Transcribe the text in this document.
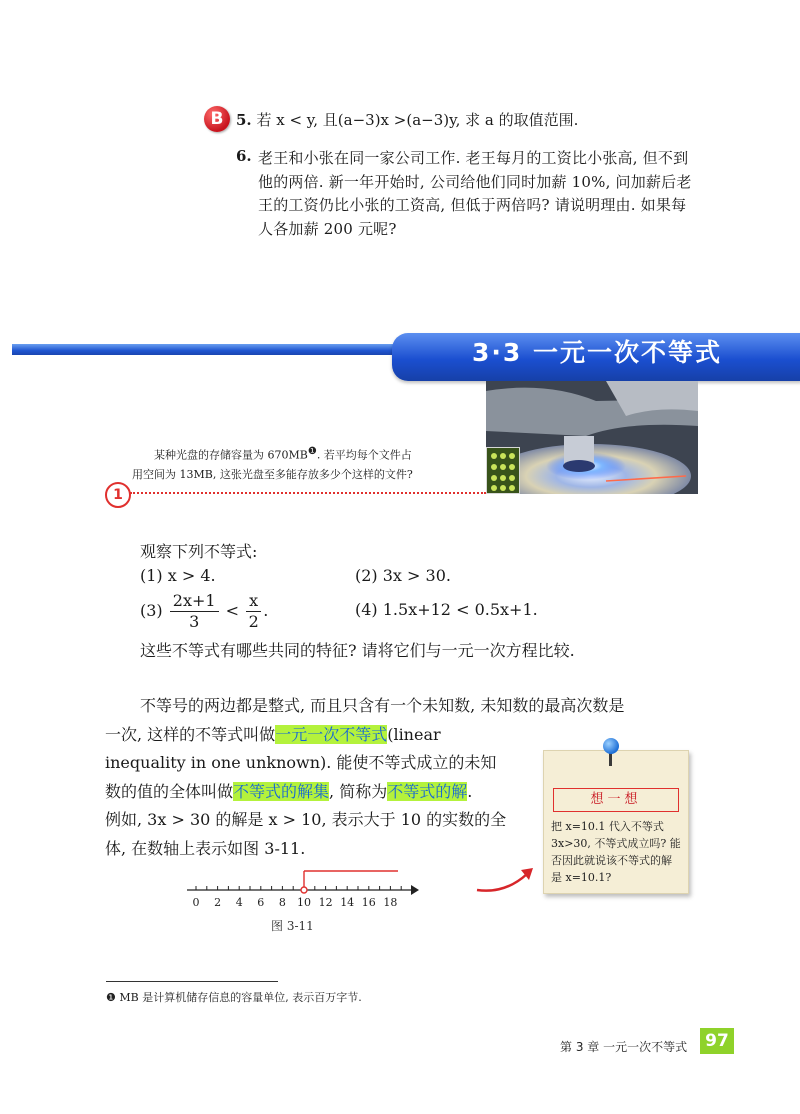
B 5. 若 x < y, 且(a−3)x >(a−3)y, 求 a 的取值范围.
6. 老王和小张在同一家公司工作. 老王每月的工资比小张高, 但不到他的两倍. 新一年开始时, 公司给他们同时加薪 10%, 问加薪后老王的工资仍比小张的工资高, 但低于两倍吗? 请说明理由. 如果每人各加薪 200 元呢?
3·3 一元一次不等式
某种光盘的存储容量为 $670MB^❶$. 若平均每个文件占
用空间为 13MB, 这张光盘至多能存放多少个这样的文件?
1
观察下列不等式:
(1) x > 4.	(2) 3x > 30.
$(3) \frac{2x+1}{3} < \frac{x}{2}$ .	(4) 1.5x+12 < 0.5x+1.
这些不等式有哪些共同的特征? 请将它们与一元一次方程比较.
不等号的两边都是整式, 而且只含有一个未知数, 未知数的最高次数是
一次, 这样的不等式叫做一元一次不等式(linear
inequality in one unknown). 能使不等式成立的未知
数的值的全体叫做不等式的解集, 简称为不等式的解.
例如, 3x > 30 的解是 x > 10, 表示大于 10 的实数的全
体, 在数轴上表示如图 3-11.
想一想
把 x=10.1 代入不等式 3x>30, 不等式成立吗? 能否因此就说该不等式的解是 x=10.1?
0 2 4 6 8 10 12 14 16 18
图 3-11
❶ MB 是计算机储存信息的容量单位, 表示百万字节.
第 3 章 一元一次不等式	97
